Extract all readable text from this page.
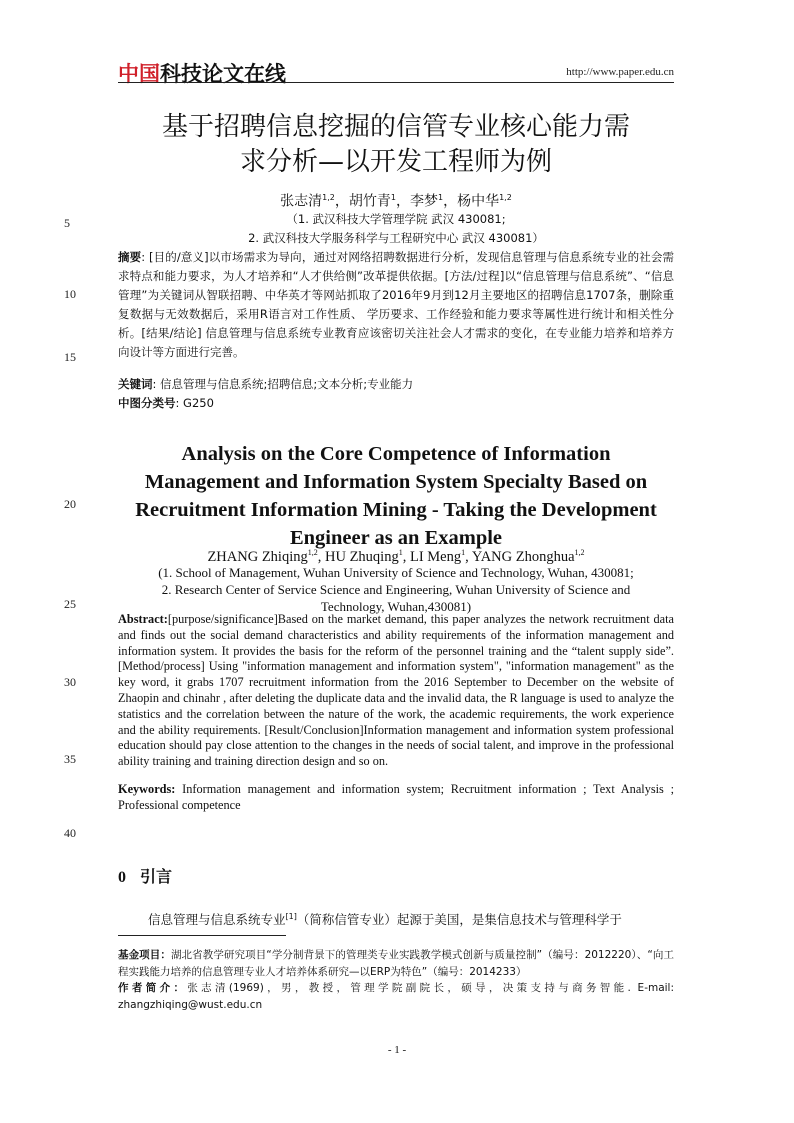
中国科技论文在线	http://www.paper.edu.cn
5
10
15
20
25
30
35
40
基于招聘信息挖掘的信管专业核心能力需
求分析—以开发工程师为例
张志清$^{1,2}$，胡竹青$^1$，李梦$^1$，杨中华$^{1,2}$
（1. 武汉科技大学管理学院 武汉 430081;
2. 武汉科技大学服务科学与工程研究中心 武汉 430081）
摘要: [目的/意义]以市场需求为导向，通过对网络招聘数据进行分析，发现信息管理与信息系统专业的社会需求特点和能力要求，为人才培养和“人才供给侧”改革提供依据。[方法/过程]以“信息管理与信息系统”、“信息管理”为关键词从智联招聘、中华英才等网站抓取了2016年9月到12月主要地区的招聘信息1707条，删除重复数据与无效数据后，采用R语言对工作性质、 学历要求、工作经验和能力要求等属性进行统计和相关性分析。[结果/结论] 信息管理与信息系统专业教育应该密切关注社会人才需求的变化，在专业能力培养和培养方向设计等方面进行完善。
关键词: 信息管理与信息系统;招聘信息;文本分析;专业能力
中图分类号: G250
Analysis on the Core Competence of Information
Management and Information System Specialty Based on
Recruitment Information Mining - Taking the Development
Engineer as an Example
ZHANG Zhiqing$^{1,2}$, HU Zhuqing$^1$, LI Meng$^1$, YANG Zhonghua$^{1,2}$
(1. School of Management, Wuhan University of Science and Technology, Wuhan, 430081;
2. Research Center of Service Science and Engineering, Wuhan University of Science and
Technology, Wuhan,430081)
Abstract:[purpose/significance]Based on the market demand, this paper analyzes the network recruitment data and finds out the social demand characteristics and ability requirements of the information management and information system. It provides the basis for the reform of the personnel training and the “talent supply side”. [Method/process] Using "information management and information system", "information management" as the key word, it grabs 1707 recruitment information from the 2016 September to December on the website of Zhaopin and chinahr , after deleting the duplicate data and the invalid data, the R language is used to analyze the statistics and the correlation between the nature of the work, the academic requirements, the work experience and the ability requirements. [Result/Conclusion]Information management and information system professional education should pay close attention to the changes in the needs of social talent, and improve in the professional ability training and training direction design and so on.
Keywords: Information management and information system; Recruitment information ; Text Analysis ; Professional competence
0 引言
信息管理与信息系统专业[1]（简称信管专业）起源于美国，是集信息技术与管理科学于
基金项目：湖北省教学研究项目“学分制背景下的管理类专业实践教学模式创新与质量控制”（编号：2012220）、“向工程实践能力培养的信息管理专业人才培养体系研究—以ERP为特色”（编号：2014233）
作者简介：张志清(1969)，男，教授，管理学院副院长，硕导，决策支持与商务智能. E-mail: zhangzhiqing@wust.edu.cn
- 1 -
